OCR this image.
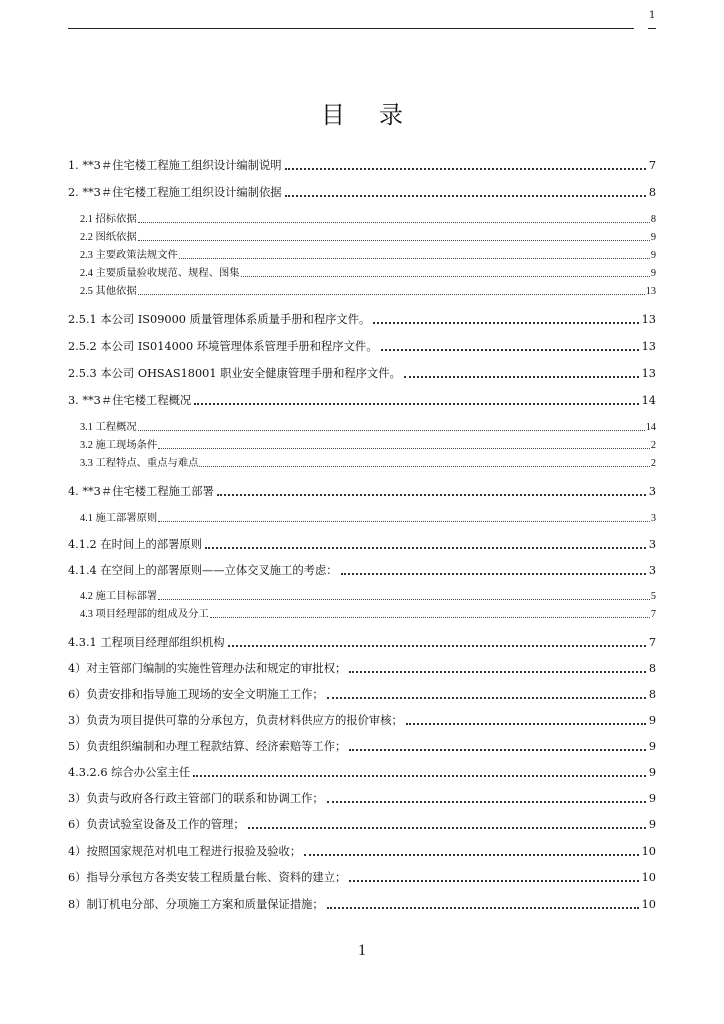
1
目录
1. **3＃住宅楼工程施工组织设计编制说明	7
2. **3＃住宅楼工程施工组织设计编制依据	8
2.1 招标依据	8
2.2 图纸依据	9
2.3 主要政策法规文件	9
2.4 主要质量验收规范、规程、图集	9
2.5 其他依据	13
2.5.1 本公司 IS09000 质量管理体系质量手册和程序文件。	13
2.5.2 本公司 IS014000 环境管理体系管理手册和程序文件。	13
2.5.3 本公司 OHSAS18001 职业安全健康管理手册和程序文件。	13
3. **3＃住宅楼工程概况	14
3.1 工程概况	14
3.2 施工现场条件	2
3.3 工程特点、重点与难点	2
4. **3＃住宅楼工程施工部署	3
4.1 施工部署原则	3
4.1.2 在时间上的部署原则	3
4.1.4 在空间上的部署原则——立体交叉施工的考虑：	3
4.2 施工目标部署	5
4.3 项目经理部的组成及分工	7
4.3.1 工程项目经理部组织机构	7
4）对主管部门编制的实施性管理办法和规定的审批权；	8
6）负责安排和指导施工现场的安全文明施工工作；	8
3）负责为项目提供可靠的分承包方，负责材料供应方的报价审核；	9
5）负责组织编制和办理工程款结算、经济索赔等工作；	9
4.3.2.6 综合办公室主任	9
3）负责与政府各行政主管部门的联系和协调工作；	9
6）负责试验室设备及工作的管理；	9
4）按照国家规范对机电工程进行报验及验收；	10
6）指导分承包方各类安装工程质量台帐、资料的建立；	10
8）制订机电分部、分项施工方案和质量保证措施；	10
1
